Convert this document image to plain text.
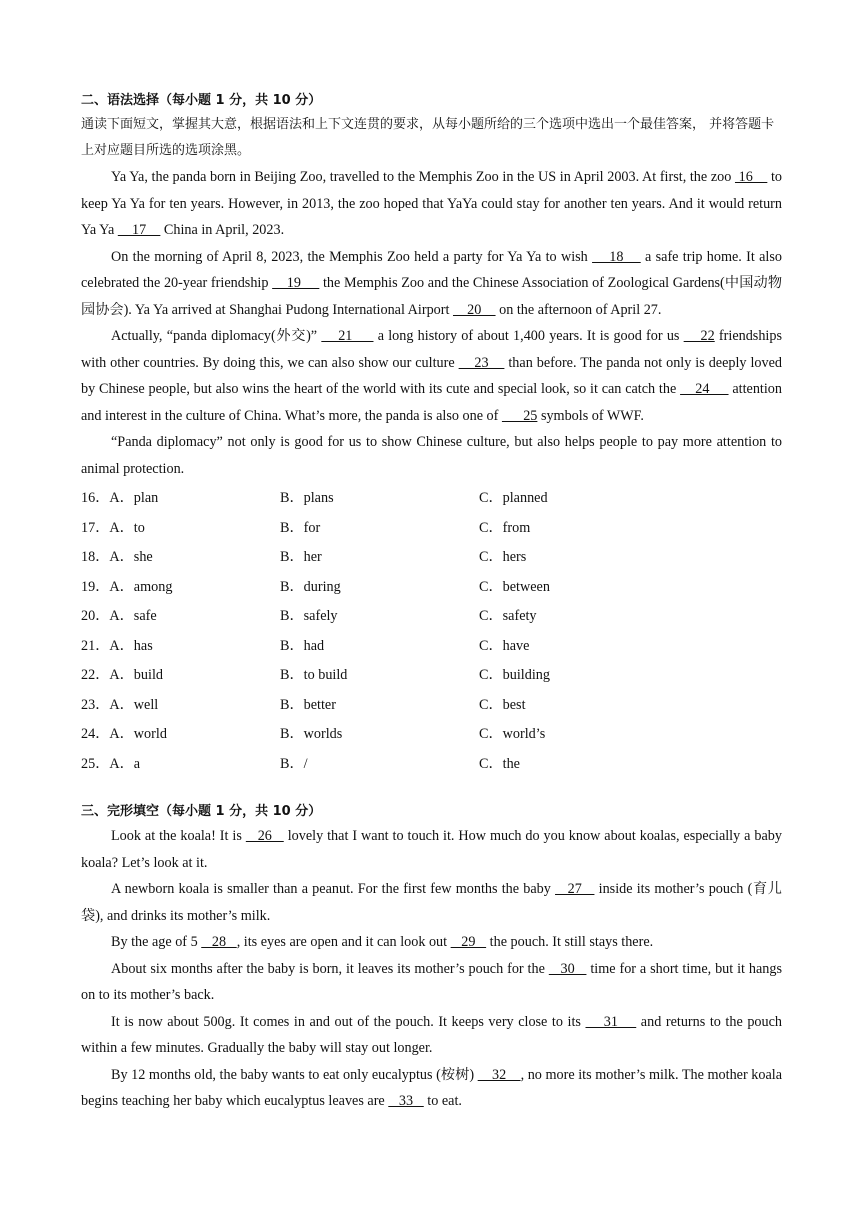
二、语法选择（每小题 1 分，共 10 分）
通读下面短文，掌握其大意，根据语法和上下文连贯的要求，从每小题所给的三个选项中选出一个最佳答案， 并将答题卡上对应题目所选的选项涂黑。

Ya Ya, the panda born in Beijing Zoo, travelled to the Memphis Zoo in the US in April 2003. At first, the zoo  16     to keep Ya Ya for ten years. However, in 2013, the zoo hoped that YaYa could stay for another ten years. And it would return Ya Ya     17     China in April, 2023.

On the morning of April 8, 2023, the Memphis Zoo held a party for Ya Ya to wish     18     a safe trip home. It also celebrated the 20-year friendship     19      the Memphis Zoo and the Chinese Association of Zoological Gardens(中国动物园协会). Ya Ya arrived at Shanghai Pudong International Airport     20     on the afternoon of April 27.

Actually, “panda diplomacy(外交)”     21      a long history of about 1,400 years. It is good for us     22 friendships with other countries. By doing this, we can also show our culture     23     than before. The panda not only is deeply loved by Chinese people, but also wins the heart of the world with its cute and special look, so it can catch the     24      attention and interest in the culture of China. What’s more, the panda is also one of       25 symbols of WWF.

“Panda diplomacy” not only is good for us to show Chinese culture, but also helps people to pay more attention to animal protection.

16．A．plan	B．plans	C．planned
17．A．to	B．for	C．from
18．A．she	B．her	C．hers
19．A．among	B．during	C．between
20．A．safe	B．safely	C．safety
21．A．has	B．had	C．have
22．A．build	B．to build	C．building
23．A．well	B．better	C．best
24．A．world	B．worlds	C．world’s
25．A．a	B．/	C．the
三、完形填空（每小题 1 分，共 10 分）

Look at the koala! It is    26    lovely that I want to touch it. How much do you know about koalas, especially a baby koala? Let’s look at it.

A newborn koala is smaller than a peanut. For the first few months the baby    27    inside its mother’s pouch (育儿袋), and drinks its mother’s milk.

By the age of 5    28   , its eyes are open and it can look out    29    the pouch. It still stays there.

About six months after the baby is born, it leaves its mother’s pouch for the    30    time for a short time, but it hangs on to its mother’s back.

It is now about 500g. It comes in and out of the pouch. It keeps very close to its     31     and returns to the pouch within a few minutes. Gradually the baby will stay out longer.

By 12 months old, the baby wants to eat only eucalyptus (桉树)     32    , no more its mother’s milk. The mother koala begins teaching her baby which eucalyptus leaves are    33    to eat.
